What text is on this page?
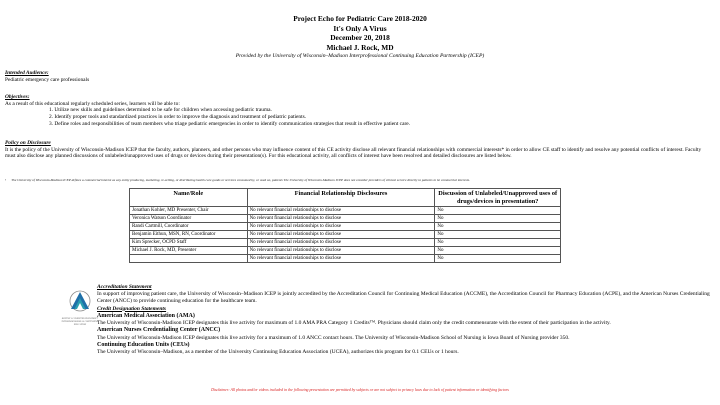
Project Echo for Pediatric Care 2018-2020
It's Only A Virus
December 20, 2018
Michael J. Rock, MD
Provided by the University of Wisconsin–Madison Interprofessional Continuing Education Partnership (ICEP)
Intended Audience:
Pediatric emergency care professionals
Objectives:
As a result of this educational regularly scheduled series, learners will be able to:
1. Utilize new skills and guidelines determined to be safe for children when accessing pediatric trauma.
2. Identify proper tools and standardized practices in order to improve the diagnosis and treatment of pediatric patients.
3. Define roles and responsibilities of team members who triage pediatric emergencies in order to identify communication strategies that result in effective patient care.
Policy on Disclosure
It is the policy of the University of Wisconsin-Madison ICEP that the faculty, authors, planners, and other persons who may influence content of this CE activity disclose all relevant financial relationships with commercial interests* in order to allow CE staff to identify and resolve any potential conflicts of interest. Faculty must also disclose any planned discussions of unlabeled/unapproved uses of drugs or devices during their presentation(s). For this educational activity, all conflicts of interest have been resolved and detailed disclosures are listed below.
•      The University of Wisconsin-Madison ICEP defines a commercial interest as any entity producing, marketing, re-selling, or distributing health care goods or services consumed by, or used on, patients The University of Wisconsin-Madison ICEP does not consider providers of clinical service directly to patients to be commercial interests.
Name/Role	Financial Relationship Disclosures	Discussion of Unlabeled/Unapproved uses of drugs/devices in presentation?
Jonathan Kohler, MD Presenter, Chair	No relevant financial relationships to disclose	No
Veronica Watson Coordinator	No relevant financial relationships to disclose	No
Randi Cartmill, Coordinator	No relevant financial relationships to disclose	No
Benjamin Eithun, MSN, RN, Coordinator	No relevant financial relationships to disclose	No
Kim Sprecker, OCPD Staff	No relevant financial relationships to disclose	No
Michael J. Rock, MD, Presenter	No relevant financial relationships to disclose	No
	No relevant financial relationships to disclose	No
JOINTLY ACCREDITED PROVIDER™ INTERPROFESSIONAL CONTINUING EDUCATION
Accreditation Statement
In support of improving patient care, the University of Wisconsin–Madison ICEP is jointly accredited by the Accreditation Council for Continuing Medical Education (ACCME), the Accreditation Council for Pharmacy Education (ACPE), and the American Nurses Credentialing Center (ANCC) to provide continuing education for the healthcare team.
Credit Designation Statements
American Medical Association (AMA)
The University of Wisconsin-Madison ICEP designates this live activity for maximum of 1.0 AMA PRA Category 1 Credits™. Physicians should claim only the credit commensurate with the extent of their participation in the activity.
American Nurses Credentialing Center (ANCC)
The University of Wisconsin-Madison ICEP designates this live activity for a maximum of 1.0 ANCC contact hours. The University of Wisconsin-Madison School of Nursing is Iowa Board of Nursing provider 350.
Continuing Education Units (CEUs)
The University of Wisconsin–Madison, as a member of the University Continuing Education Association (UCEA), authorizes this program for 0.1 CEUs or 1 hours.
Disclaimer: All photos and/or videos included in the following presentation are permitted by subjects or are not subject to privacy laws due to lack of patient information or identifying factors
